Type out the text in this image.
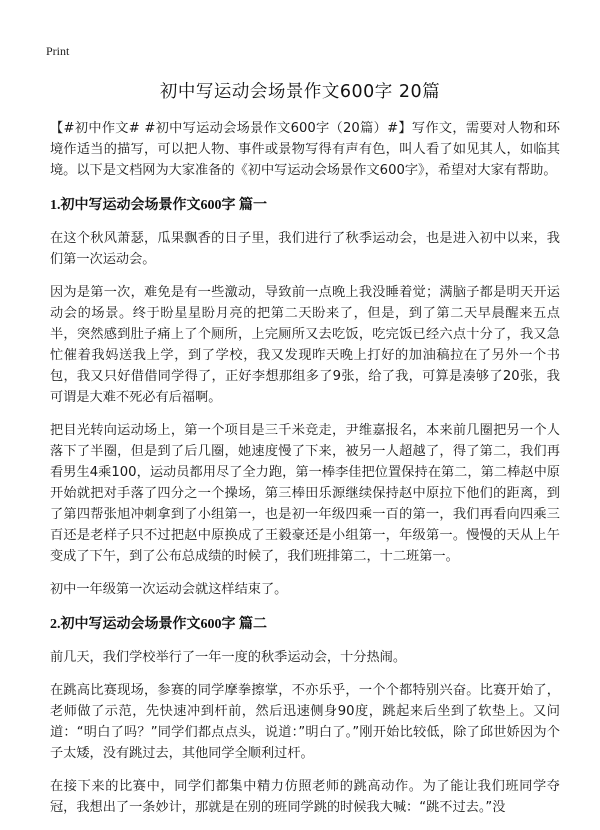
Print
初中写运动会场景作文600字 20篇

【#初中作文# #初中写运动会场景作文600字（20篇）#】写作文，需要对人物和环境作适当的描写，可以把人物、事件或景物写得有声有色，叫人看了如见其人，如临其境。以下是文档网为大家准备的《初中写运动会场景作文600字》，希望对大家有帮助。

1.初中写运动会场景作文600字 篇一

在这个秋风萧瑟，瓜果飘香的日子里，我们进行了秋季运动会，也是进入初中以来，我们第一次运动会。

因为是第一次，难免是有一些激动，导致前一点晚上我没睡着觉；满脑子都是明天开运动会的场景。终于盼星星盼月亮的把第二天盼来了，但是，到了第二天早晨醒来五点半，突然感到肚子痛上了个厕所，上完厕所又去吃饭，吃完饭已经六点十分了，我又急忙催着我妈送我上学，到了学校，我又发现昨天晚上打好的加油稿拉在了另外一个书包，我又只好借借同学得了，正好李想那组多了9张，给了我，可算是凑够了20张，我可谓是大难不死必有后福啊。

把目光转向运动场上，第一个项目是三千米竞走，尹维嘉报名，本来前几圈把另一个人落下了半圈，但是到了后几圈，她速度慢了下来，被另一人超越了，得了第二，我们再看男生4乘100，运动员都用尽了全力跑，第一棒李佳把位置保持在第二，第二棒赵中原开始就把对手落了四分之一个操场，第三棒田乐源继续保持赵中原拉下他们的距离，到了第四帮张旭冲刺拿到了小组第一，也是初一年级四乘一百的第一，我们再看向四乘三百还是老样子只不过把赵中原换成了王毅豪还是小组第一，年级第一。慢慢的天从上午变成了下午，到了公布总成绩的时候了，我们班排第二，十二班第一。

初中一年级第一次运动会就这样结束了。

2.初中写运动会场景作文600字 篇二

前几天，我们学校举行了一年一度的秋季运动会，十分热闹。

在跳高比赛现场，参赛的同学摩拳擦掌，不亦乐乎，一个个都特别兴奋。比赛开始了，老师做了示范，先快速冲到杆前，然后迅速侧身90度，跳起来后坐到了软垫上。又问道：“明白了吗？”同学们都点点头，说道：”明白了。”刚开始比较低，除了邱世娇因为个子太矮，没有跳过去，其他同学全顺利过杆。

在接下来的比赛中，同学们都集中精力仿照老师的跳高动作。为了能让我们班同学夺冠，我想出了一条妙计，那就是在别的班同学跳的时候我大喊：“跳不过去。”没
